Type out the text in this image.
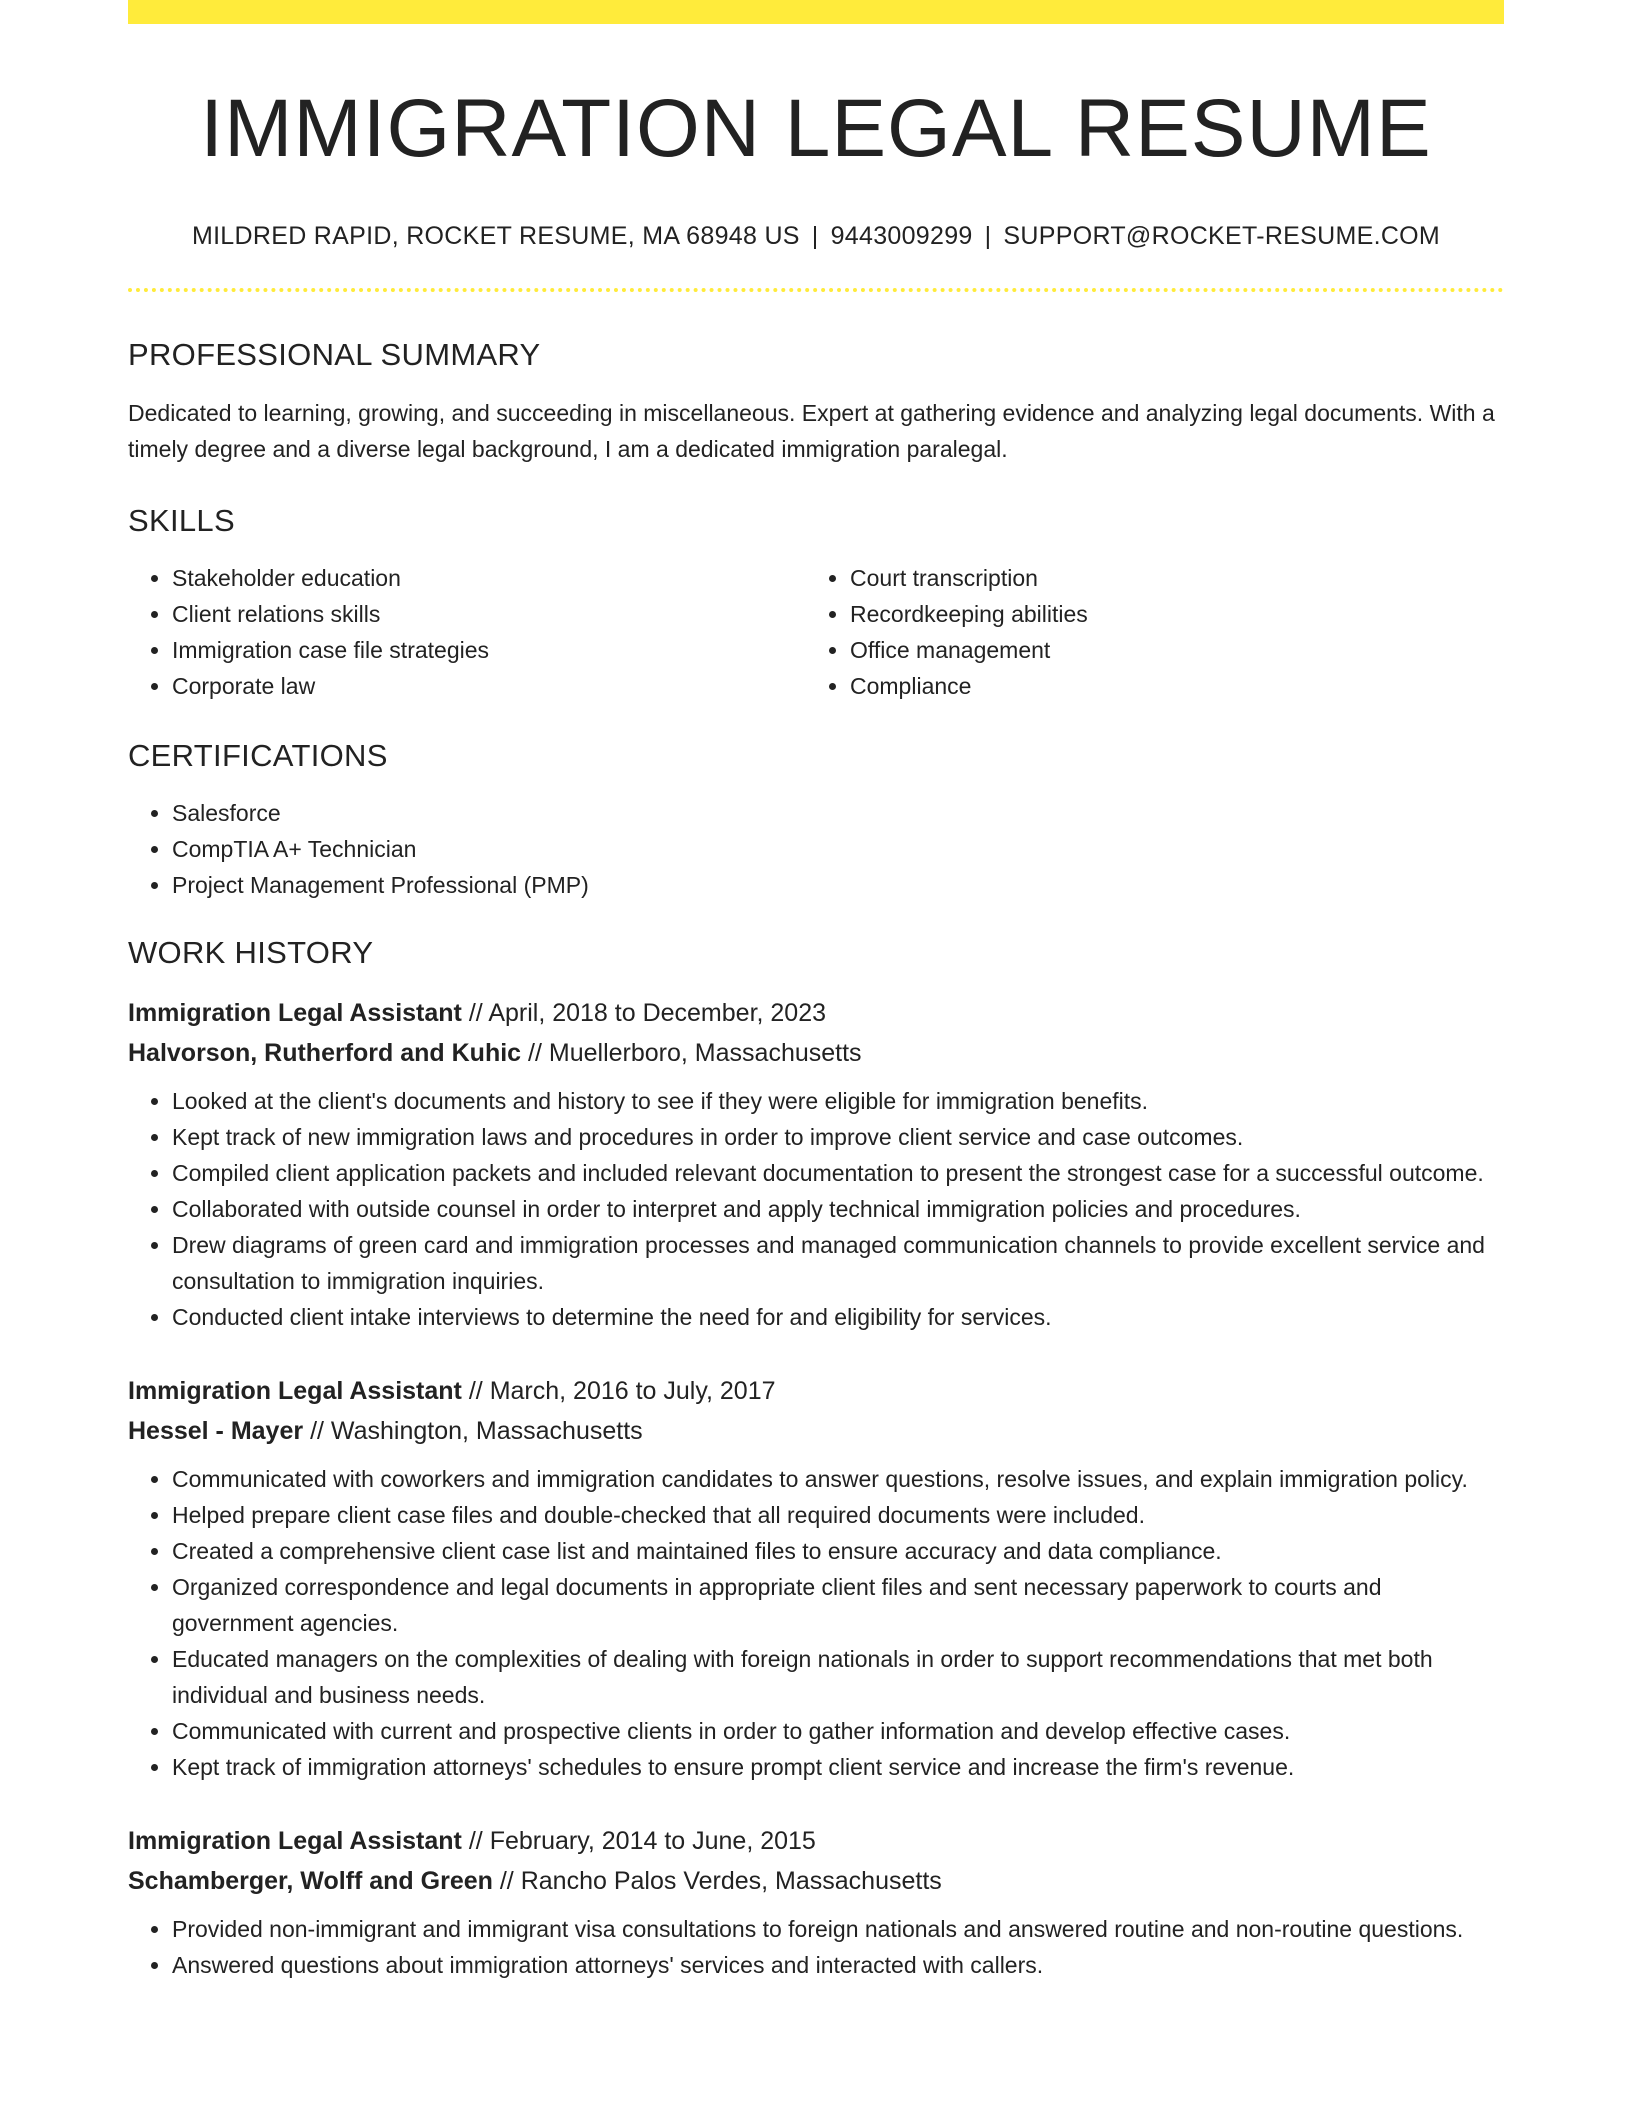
IMMIGRATION LEGAL RESUME
MILDRED RAPID, ROCKET RESUME, MA 68948 US | 9443009299 | SUPPORT@ROCKET-RESUME.COM
PROFESSIONAL SUMMARY

Dedicated to learning, growing, and succeeding in miscellaneous. Expert at gathering evidence and analyzing legal documents. With a timely degree and a diverse legal background, I am a dedicated immigration paralegal.

SKILLS
• Stakeholder education
• Client relations skills
• Immigration case file strategies
• Corporate law
• Court transcription
• Recordkeeping abilities
• Office management
• Compliance
CERTIFICATIONS
• Salesforce
• CompTIA A+ Technician
• Project Management Professional (PMP)
WORK HISTORY
Immigration Legal Assistant // April, 2018 to December, 2023
Halvorson, Rutherford and Kuhic // Muellerboro, Massachusetts
• Looked at the client's documents and history to see if they were eligible for immigration benefits.
• Kept track of new immigration laws and procedures in order to improve client service and case outcomes.
• Compiled client application packets and included relevant documentation to present the strongest case for a successful outcome.
• Collaborated with outside counsel in order to interpret and apply technical immigration policies and procedures.
• Drew diagrams of green card and immigration processes and managed communication channels to provide excellent service and consultation to immigration inquiries.
• Conducted client intake interviews to determine the need for and eligibility for services.
Immigration Legal Assistant // March, 2016 to July, 2017
Hessel - Mayer // Washington, Massachusetts
• Communicated with coworkers and immigration candidates to answer questions, resolve issues, and explain immigration policy.
• Helped prepare client case files and double-checked that all required documents were included.
• Created a comprehensive client case list and maintained files to ensure accuracy and data compliance.
• Organized correspondence and legal documents in appropriate client files and sent necessary paperwork to courts and government agencies.
• Educated managers on the complexities of dealing with foreign nationals in order to support recommendations that met both individual and business needs.
• Communicated with current and prospective clients in order to gather information and develop effective cases.
• Kept track of immigration attorneys' schedules to ensure prompt client service and increase the firm's revenue.
Immigration Legal Assistant // February, 2014 to June, 2015
Schamberger, Wolff and Green // Rancho Palos Verdes, Massachusetts
• Provided non-immigrant and immigrant visa consultations to foreign nationals and answered routine and non-routine questions.
• Answered questions about immigration attorneys' services and interacted with callers.
